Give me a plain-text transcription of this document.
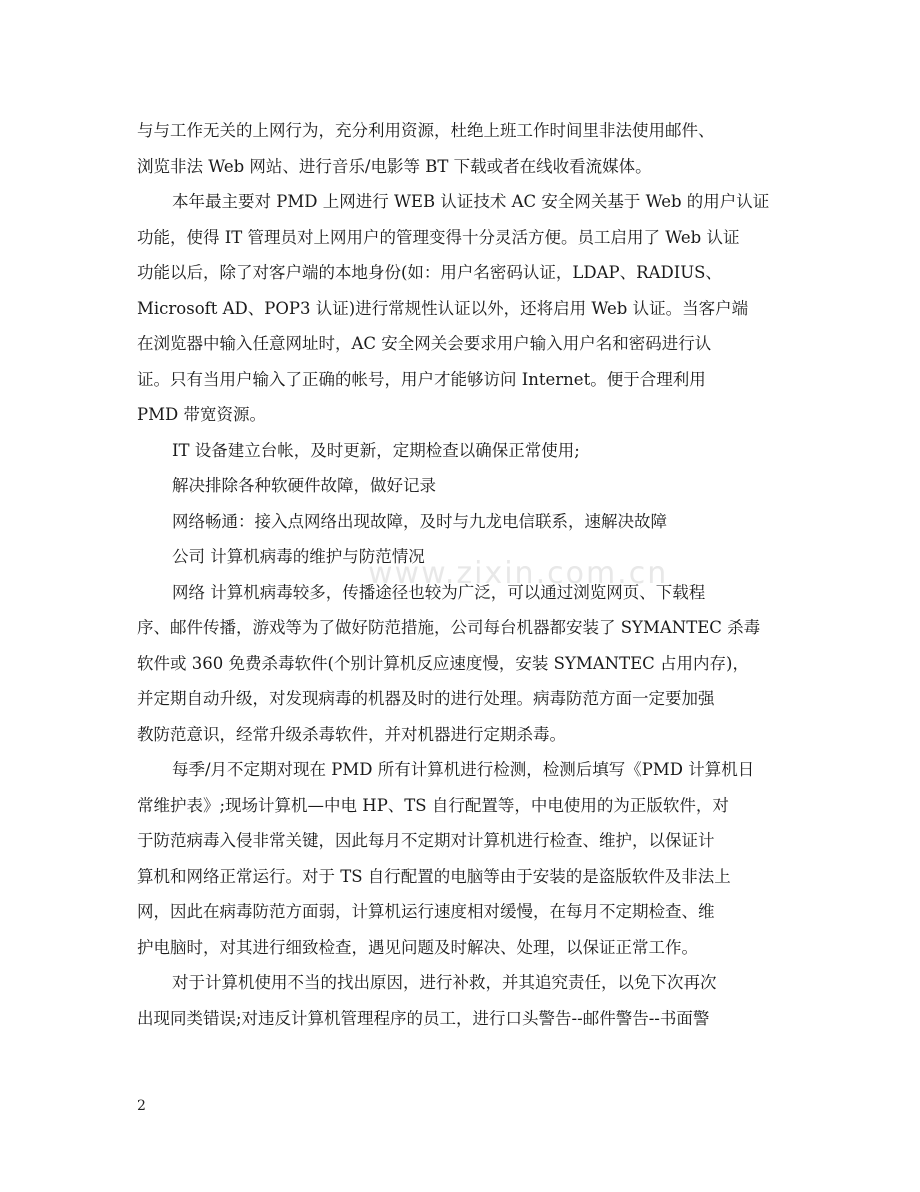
与与工作无关的上网行为，充分利用资源，杜绝上班工作时间里非法使用邮件、
浏览非法 Web 网站、进行音乐/电影等 BT 下载或者在线收看流媒体。

本年最主要对 PMD 上网进行 WEB 认证技术 AC 安全网关基于 Web 的用户认证
功能，使得 IT 管理员对上网用户的管理变得十分灵活方便。员工启用了 Web 认证
功能以后，除了对客户端的本地身份(如：用户名密码认证，LDAP、RADIUS、
Microsoft AD、POP3 认证)进行常规性认证以外，还将启用 Web 认证。当客户端
在浏览器中输入任意网址时，AC 安全网关会要求用户输入用户名和密码进行认
证。只有当用户输入了正确的帐号，用户才能够访问 Internet。便于合理利用
PMD 带宽资源。

IT 设备建立台帐，及时更新，定期检查以确保正常使用;

解决排除各种软硬件故障，做好记录

网络畅通：接入点网络出现故障，及时与九龙电信联系，速解决故障

公司 计算机病毒的维护与防范情况

网络 计算机病毒较多，传播途径也较为广泛，可以通过浏览网页、下载程
序、邮件传播，游戏等为了做好防范措施，公司每台机器都安装了 SYMANTEC 杀毒
软件或 360 免费杀毒软件(个别计算机反应速度慢，安装 SYMANTEC 占用内存)，
并定期自动升级，对发现病毒的机器及时的进行处理。病毒防范方面一定要加强
教防范意识，经常升级杀毒软件，并对机器进行定期杀毒。

每季/月不定期对现在 PMD 所有计算机进行检测，检测后填写《PMD 计算机日
常维护表》;现场计算机—中电 HP、TS 自行配置等，中电使用的为正版软件，对
于防范病毒入侵非常关键，因此每月不定期对计算机进行检查、维护，以保证计
算机和网络正常运行。对于 TS 自行配置的电脑等由于安装的是盗版软件及非法上
网，因此在病毒防范方面弱，计算机运行速度相对缓慢，在每月不定期检查、维
护电脑时，对其进行细致检查，遇见问题及时解决、处理，以保证正常工作。

对于计算机使用不当的找出原因，进行补救，并其追究责任，以免下次再次
出现同类错误;对违反计算机管理程序的员工，进行口头警告--邮件警告--书面警

www.zixin.com.cn
2
